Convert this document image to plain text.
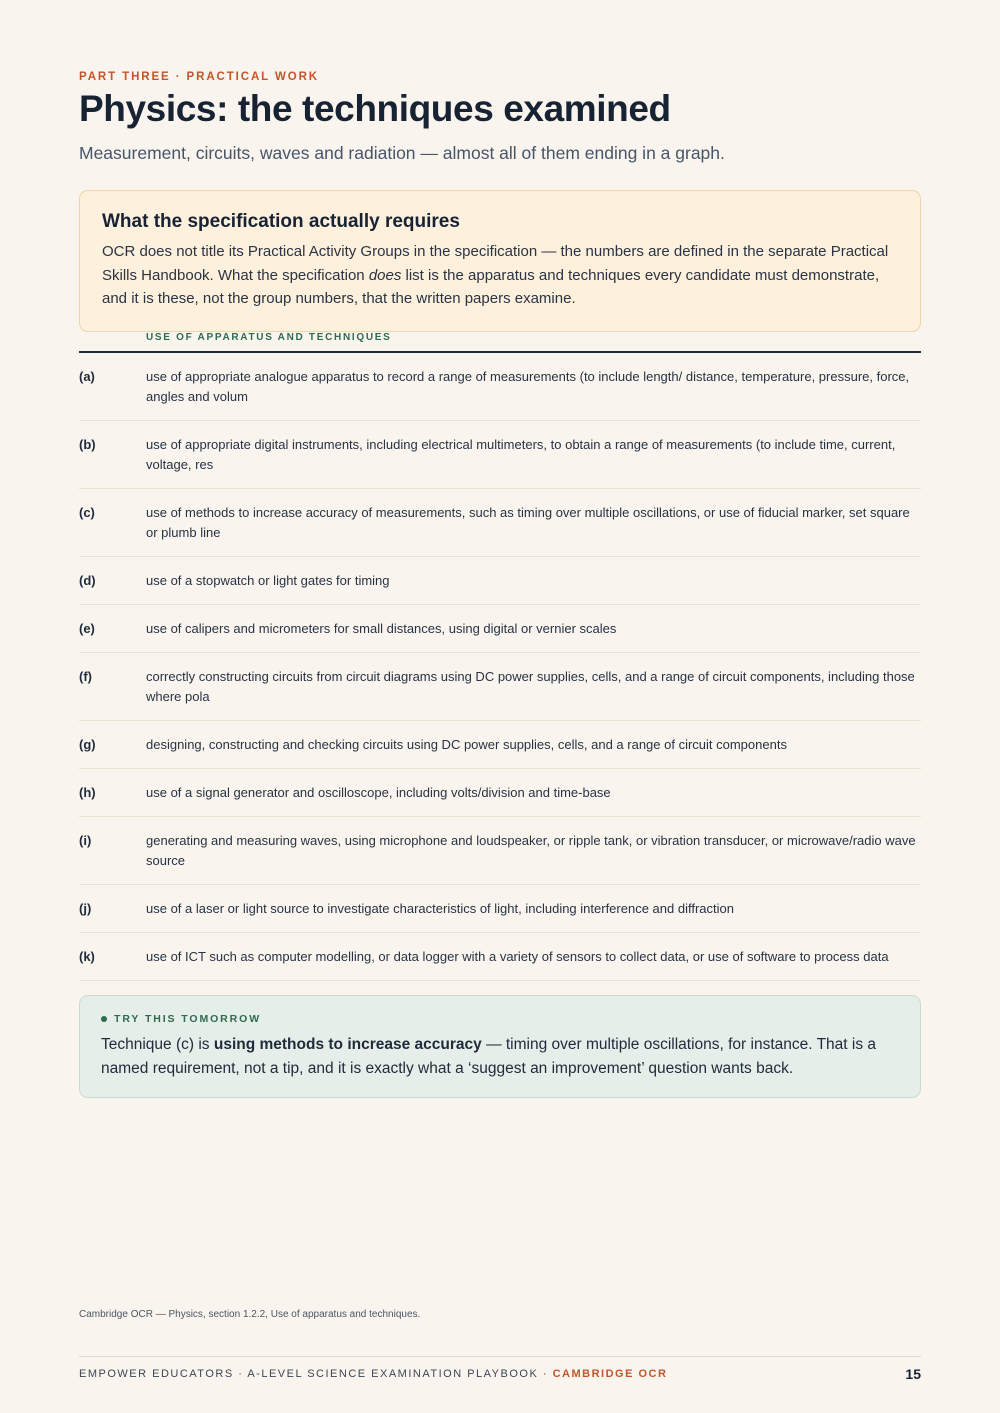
PART THREE · PRACTICAL WORK
Physics: the techniques examined

Measurement, circuits, waves and radiation — almost all of them ending in a graph.

What the specification actually requires

OCR does not title its Practical Activity Groups in the specification — the numbers are defined in the separate Practical Skills Handbook. What the specification does list is the apparatus and techniques every candidate must demonstrate, and it is these, not the group numbers, that the written papers examine.

USE OF APPARATUS AND TECHNIQUES
(a)	use of appropriate analogue apparatus to record a range of measurements (to include length/ distance, temperature, pressure, force, angles and volum
(b)	use of appropriate digital instruments, including electrical multimeters, to obtain a range of measurements (to include time, current, voltage, res
(c)	use of methods to increase accuracy of measurements, such as timing over multiple oscillations, or use of fiducial marker, set square or plumb line
(d)	use of a stopwatch or light gates for timing
(e)	use of calipers and micrometers for small distances, using digital or vernier scales
(f)	correctly constructing circuits from circuit diagrams using DC power supplies, cells, and a range of circuit components, including those where pola
(g)	designing, constructing and checking circuits using DC power supplies, cells, and a range of circuit components
(h)	use of a signal generator and oscilloscope, including volts/division and time-base
(i)	generating and measuring waves, using microphone and loudspeaker, or ripple tank, or vibration transducer, or microwave/radio wave source
(j)	use of a laser or light source to investigate characteristics of light, including interference and diffraction
(k)	use of ICT such as computer modelling, or data logger with a variety of sensors to collect data, or use of software to process data
TRY THIS TOMORROW

Technique (c) is using methods to increase accuracy — timing over multiple oscillations, for instance. That is a named requirement, not a tip, and it is exactly what a ‘suggest an improvement’ question wants back.

Cambridge OCR — Physics, section 1.2.2, Use of apparatus and techniques.
EMPOWER EDUCATORS · A-LEVEL SCIENCE EXAMINATION PLAYBOOK · CAMBRIDGE OCR	15
